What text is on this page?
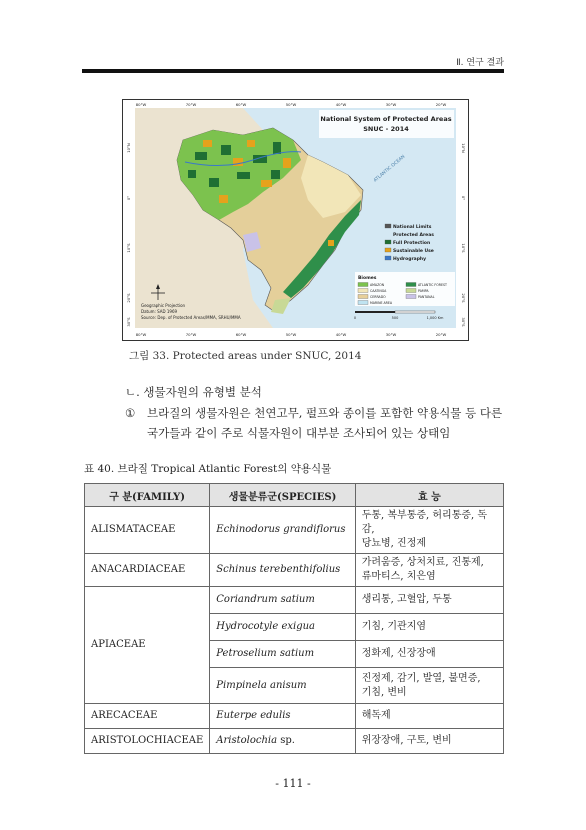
Ⅱ. 연구 결과
National System of Protected Areas
SNUC - 2014
ATLANTIC OCEAN
80°W	70°W	60°W	50°W	40°W	30°W	20°W
80°W	70°W	60°W	50°W	40°W	30°W	20°W
10°N
0°
10°S
20°S
30°S
10°N
0°
10°S
20°S
30°S
National Limits
Protected Areas
Full Protection
Sustainable Use
Hydrography
Biomes
AMAZON	ATLANTIC FOREST
CAATINGA	PAMPA
CERRADO	PANTANAL
MARINE AREA
0	500	1,000 Km
Geographic Projection
Datum: SAD 1969
Source: Dep. of Protected Areas/MMA, SRHU/MMA
그림 33. Protected areas under SNUC, 2014
ㄴ. 생물자원의 유형별 분석
① 브라질의 생물자원은 천연고무, 펄프와 종이를 포함한 약용식물 등 다른
국가들과 같이 주로 식물자원이 대부분 조사되어 있는 상태임
표 40. 브라질 Tropical Atlantic Forest의 약용식물
구 분(FAMILY)	생물분류군(SPECIES)	효 능
ALISMATACEAE	Echinodorus grandiflorus	두통, 복부통증, 허리통증, 독감,
당뇨병, 진정제

ANACARDIACEAE	Schinus terebenthifolius	가려움증, 상처치료, 진통제,
류마티스, 치은염

APIACEAE	Coriandrum satium	생리통, 고혈압, 두통
	Hydrocotyle exigua	기침, 기관지염
	Petroselium satium	정화제, 신장장애
	Pimpinela anisum	진정제, 감기, 발열, 불면증,
기침, 변비

ARECACEAE	Euterpe edulis	해독제
ARISTOLOCHIACEAE	Aristolochia sp.	위장장애, 구토, 변비
- 111 -
